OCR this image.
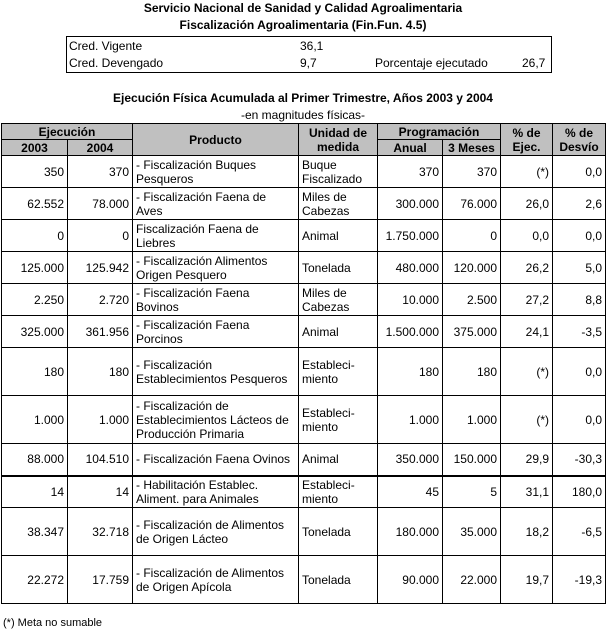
Servicio Nacional de Sanidad y Calidad Agroalimentaria
Fiscalización Agroalimentaria (Fin.Fun. 4.5)
Cred. Vigente	36,1
Cred. Devengado	9,7	Porcentaje ejecutado	26,7
Ejecución Física Acumulada al Primer Trimestre, Años 2003 y 2004
-en magnitudes físicas-
Ejecución		Producto	Unidad de medida	Programación		% de Ejec.	% de Desvío
2003	2004			Anual	3 Meses		
350	370	- Fiscalización Buques Pesqueros	Buque Fiscalizado	370	370	(*)	0,0
62.552	78.000	- Fiscalización Faena de Aves	Miles de Cabezas	300.000	76.000	26,0	2,6
0	0	Fiscalización Faena de Liebres	Animal	1.750.000	0	0,0	0,0
125.000	125.942	- Fiscalización Alimentos Origen Pesquero	Tonelada	480.000	120.000	26,2	5,0
2.250	2.720	- Fiscalización Faena Bovinos	Miles de Cabezas	10.000	2.500	27,2	8,8
325.000	361.956	- Fiscalización Faena Porcinos	Animal	1.500.000	375.000	24,1	-3,5
180	180	- Fiscalización Establecimientos Pesqueros	Estableci-miento	180	180	(*)	0,0
1.000	1.000	- Fiscalización de Establecimientos Lácteos de Producción Primaria	Estableci-miento	1.000	1.000	(*)	0,0
88.000	104.510	- Fiscalización Faena Ovinos	Animal	350.000	150.000	29,9	-30,3
14	14	- Habilitación Establec. Aliment. para Animales	Estableci-miento	45	5	31,1	180,0
38.347	32.718	- Fiscalización de Alimentos de Origen Lácteo	Tonelada	180.000	35.000	18,2	-6,5
22.272	17.759	- Fiscalización de Alimentos de Origen Apícola	Tonelada	90.000	22.000	19,7	-19,3
(*) Meta no sumable
